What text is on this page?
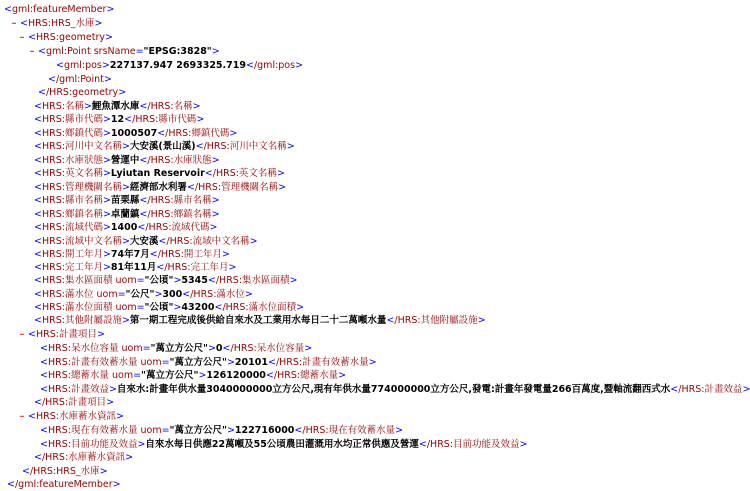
<gml:featureMember>
– <HRS:HRS_水庫>
– <HRS:geometry>
– <gml:Point srsName="EPSG:3828">
<gml:pos>227137.947 2693325.719</gml:pos>
</gml:Point>
</HRS:geometry>
<HRS:名稱>鯉魚潭水庫</HRS:名稱>
<HRS:縣市代碼>12</HRS:縣市代碼>
<HRS:鄉鎮代碼>1000507</HRS:鄉鎮代碼>
<HRS:河川中文名稱>大安溪(景山溪)</HRS:河川中文名稱>
<HRS:水庫狀態>營運中</HRS:水庫狀態>
<HRS:英文名稱>Lyiutan Reservoir</HRS:英文名稱>
<HRS:管理機關名稱>經濟部水利署</HRS:管理機關名稱>
<HRS:縣市名稱>苗栗縣</HRS:縣市名稱>
<HRS:鄉鎮名稱>卓蘭鎮</HRS:鄉鎮名稱>
<HRS:流域代碼>1400</HRS:流域代碼>
<HRS:流域中文名稱>大安溪</HRS:流域中文名稱>
<HRS:開工年月>74年7月</HRS:開工年月>
<HRS:完工年月>81年11月</HRS:完工年月>
<HRS:集水區面積 uom="公頃">5345</HRS:集水區面積>
<HRS:滿水位 uom="公尺">300</HRS:滿水位>
<HRS:滿水位面積 uom="公頃">43200</HRS:滿水位面積>
<HRS:其他附屬設施>第一期工程完成後供給自來水及工業用水每日二十二萬噸水量</HRS:其他附屬設施>
– <HRS:計畫項目>
<HRS:呆水位容量 uom="萬立方公尺">0</HRS:呆水位容量>
<HRS:計畫有效蓄水量 uom="萬立方公尺">20101</HRS:計畫有效蓄水量>
<HRS:總蓄水量 uom="萬立方公尺">126120000</HRS:總蓄水量>
<HRS:計畫效益>自來水:計畫年供水量3040000000立方公尺,現有年供水量774000000立方公尺,發電:計畫年發電量266百萬度,暨軸流翻西式水</HRS:計畫效益>
</HRS:計畫項目>
– <HRS:水庫蓄水資訊>
<HRS:現在有效蓄水量 uom="萬立方公尺">122716000</HRS:現在有效蓄水量>
<HRS:目前功能及效益>自來水每日供應22萬噸及55公頃農田灌溉用水均正常供應及營運</HRS:目前功能及效益>
</HRS:水庫蓄水資訊>
</HRS:HRS_水庫>
</gml:featureMember>
